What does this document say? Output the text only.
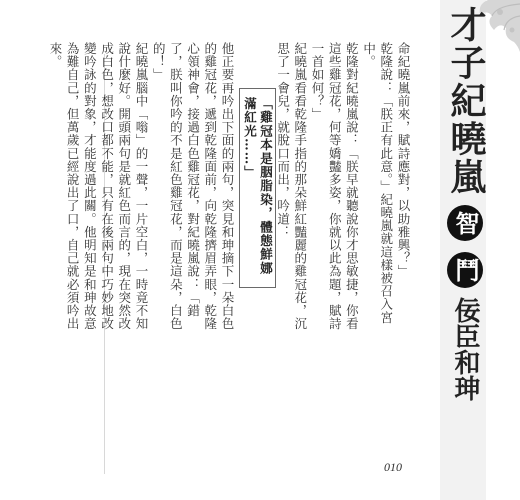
才子紀曉嵐 智 鬥 佞臣和珅
命紀曉嵐前來，賦詩應對，以助雅興？」
乾隆說：「朕正有此意。」紀曉嵐就這樣被召入宮中。
乾隆對紀曉嵐說：「朕早就聽說你才思敏捷，你看這些雞冠花，何等嬌豔多姿，你就以此為題，賦詩一首如何？」
紀曉嵐看看乾隆手指的那朵鮮紅豔麗的雞冠花，沉思了一會兒，就脫口而出，吟道：
「雞冠本是胭脂染，體態鮮娜滿紅光……」
他正要再吟出下面的兩句，突見和珅摘下一朵白色的雞冠花，遞到乾隆面前，向乾隆擠眉弄眼，乾隆心領神會，接過白色雞冠花，對紀曉嵐說：「錯了，朕叫你吟的不是紅色雞冠花，而是這朵，白色的！」
紀曉嵐腦中「嗡」的一聲，一片空白，一時竟不知說什麼好。開頭兩句是就紅色而言的，現在突然改成白色，想改口都不能，只有在後兩句中巧妙地改變吟詠的對象，才能度過此關。他明知是和珅故意為難自己，但萬歲已經說出了口，自己就必須吟出來。
010
